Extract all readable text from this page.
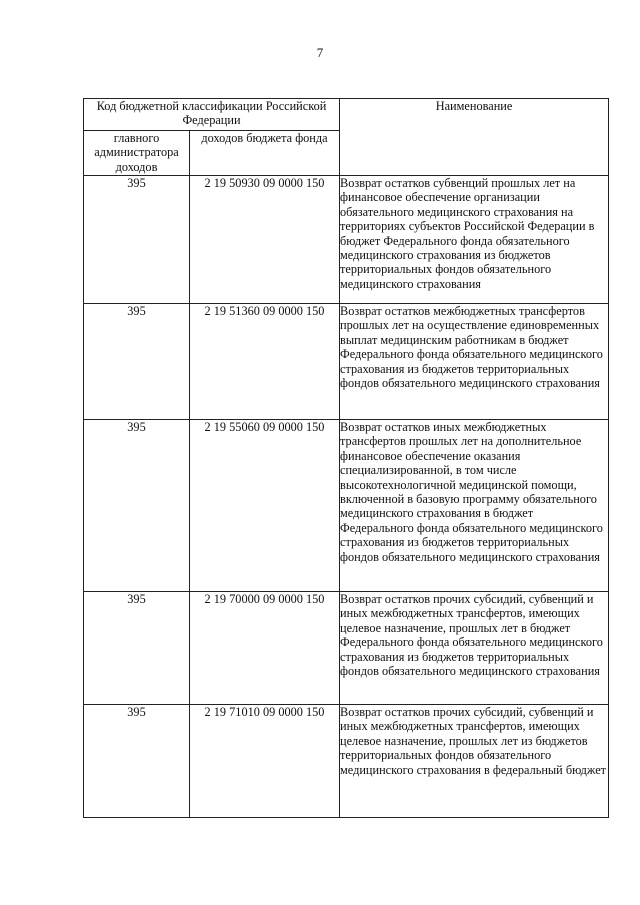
7
Код бюджетной классификации Российской Федерации		Наименование
главного администратора доходов	доходов бюджета фонда	
395	2 19 50930 09 0000 150	Возврат остатков субвенций прошлых лет на финансовое обеспечение организации обязательного медицинского страхования на территориях субъектов Российской Федерации в бюджет Федерального фонда обязательного медицинского страхования из бюджетов территориальных фондов обязательного медицинского страхования
395	2 19 51360 09 0000 150	Возврат остатков межбюджетных трансфертов прошлых лет на осуществление единовременных выплат медицинским работникам в бюджет Федерального фонда обязательного медицинского страхования из бюджетов территориальных фондов обязательного медицинского страхования
395	2 19 55060 09 0000 150	Возврат остатков иных межбюджетных трансфертов прошлых лет на дополнительное финансовое обеспечение оказания специализированной, в том числе высокотехнологичной медицинской помощи, включенной в базовую программу обязательного медицинского страхования в бюджет Федерального фонда обязательного медицинского страхования из бюджетов территориальных фондов обязательного медицинского страхования
395	2 19 70000 09 0000 150	Возврат остатков прочих субсидий, субвенций и иных межбюджетных трансфертов, имеющих целевое назначение, прошлых лет в бюджет Федерального фонда обязательного медицинского страхования из бюджетов территориальных фондов обязательного медицинского страхования
395	2 19 71010 09 0000 150	Возврат остатков прочих субсидий, субвенций и иных межбюджетных трансфертов, имеющих целевое назначение, прошлых лет из бюджетов территориальных фондов обязательного медицинского страхования в федеральный бюджет
